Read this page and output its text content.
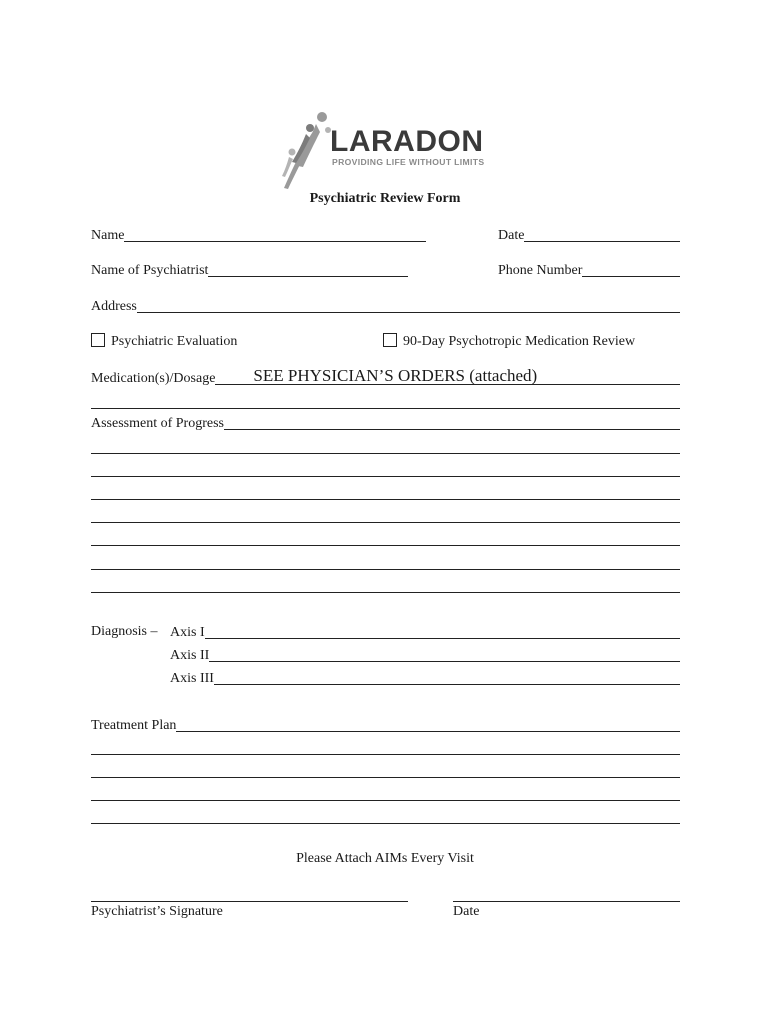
LARADON
PROVIDING LIFE WITHOUT LIMITS
Psychiatric Review Form
Name	Date
Name of Psychiatrist	Phone Number
Address
Psychiatric Evaluation	90-Day Psychotropic Medication Review
Medication(s)/Dosage SEE PHYSICIAN’S ORDERS (attached)
Assessment of Progress
Diagnosis – Axis I
Axis II
Axis III
Treatment Plan
Please Attach AIMs Every Visit
Psychiatrist’s Signature	Date
